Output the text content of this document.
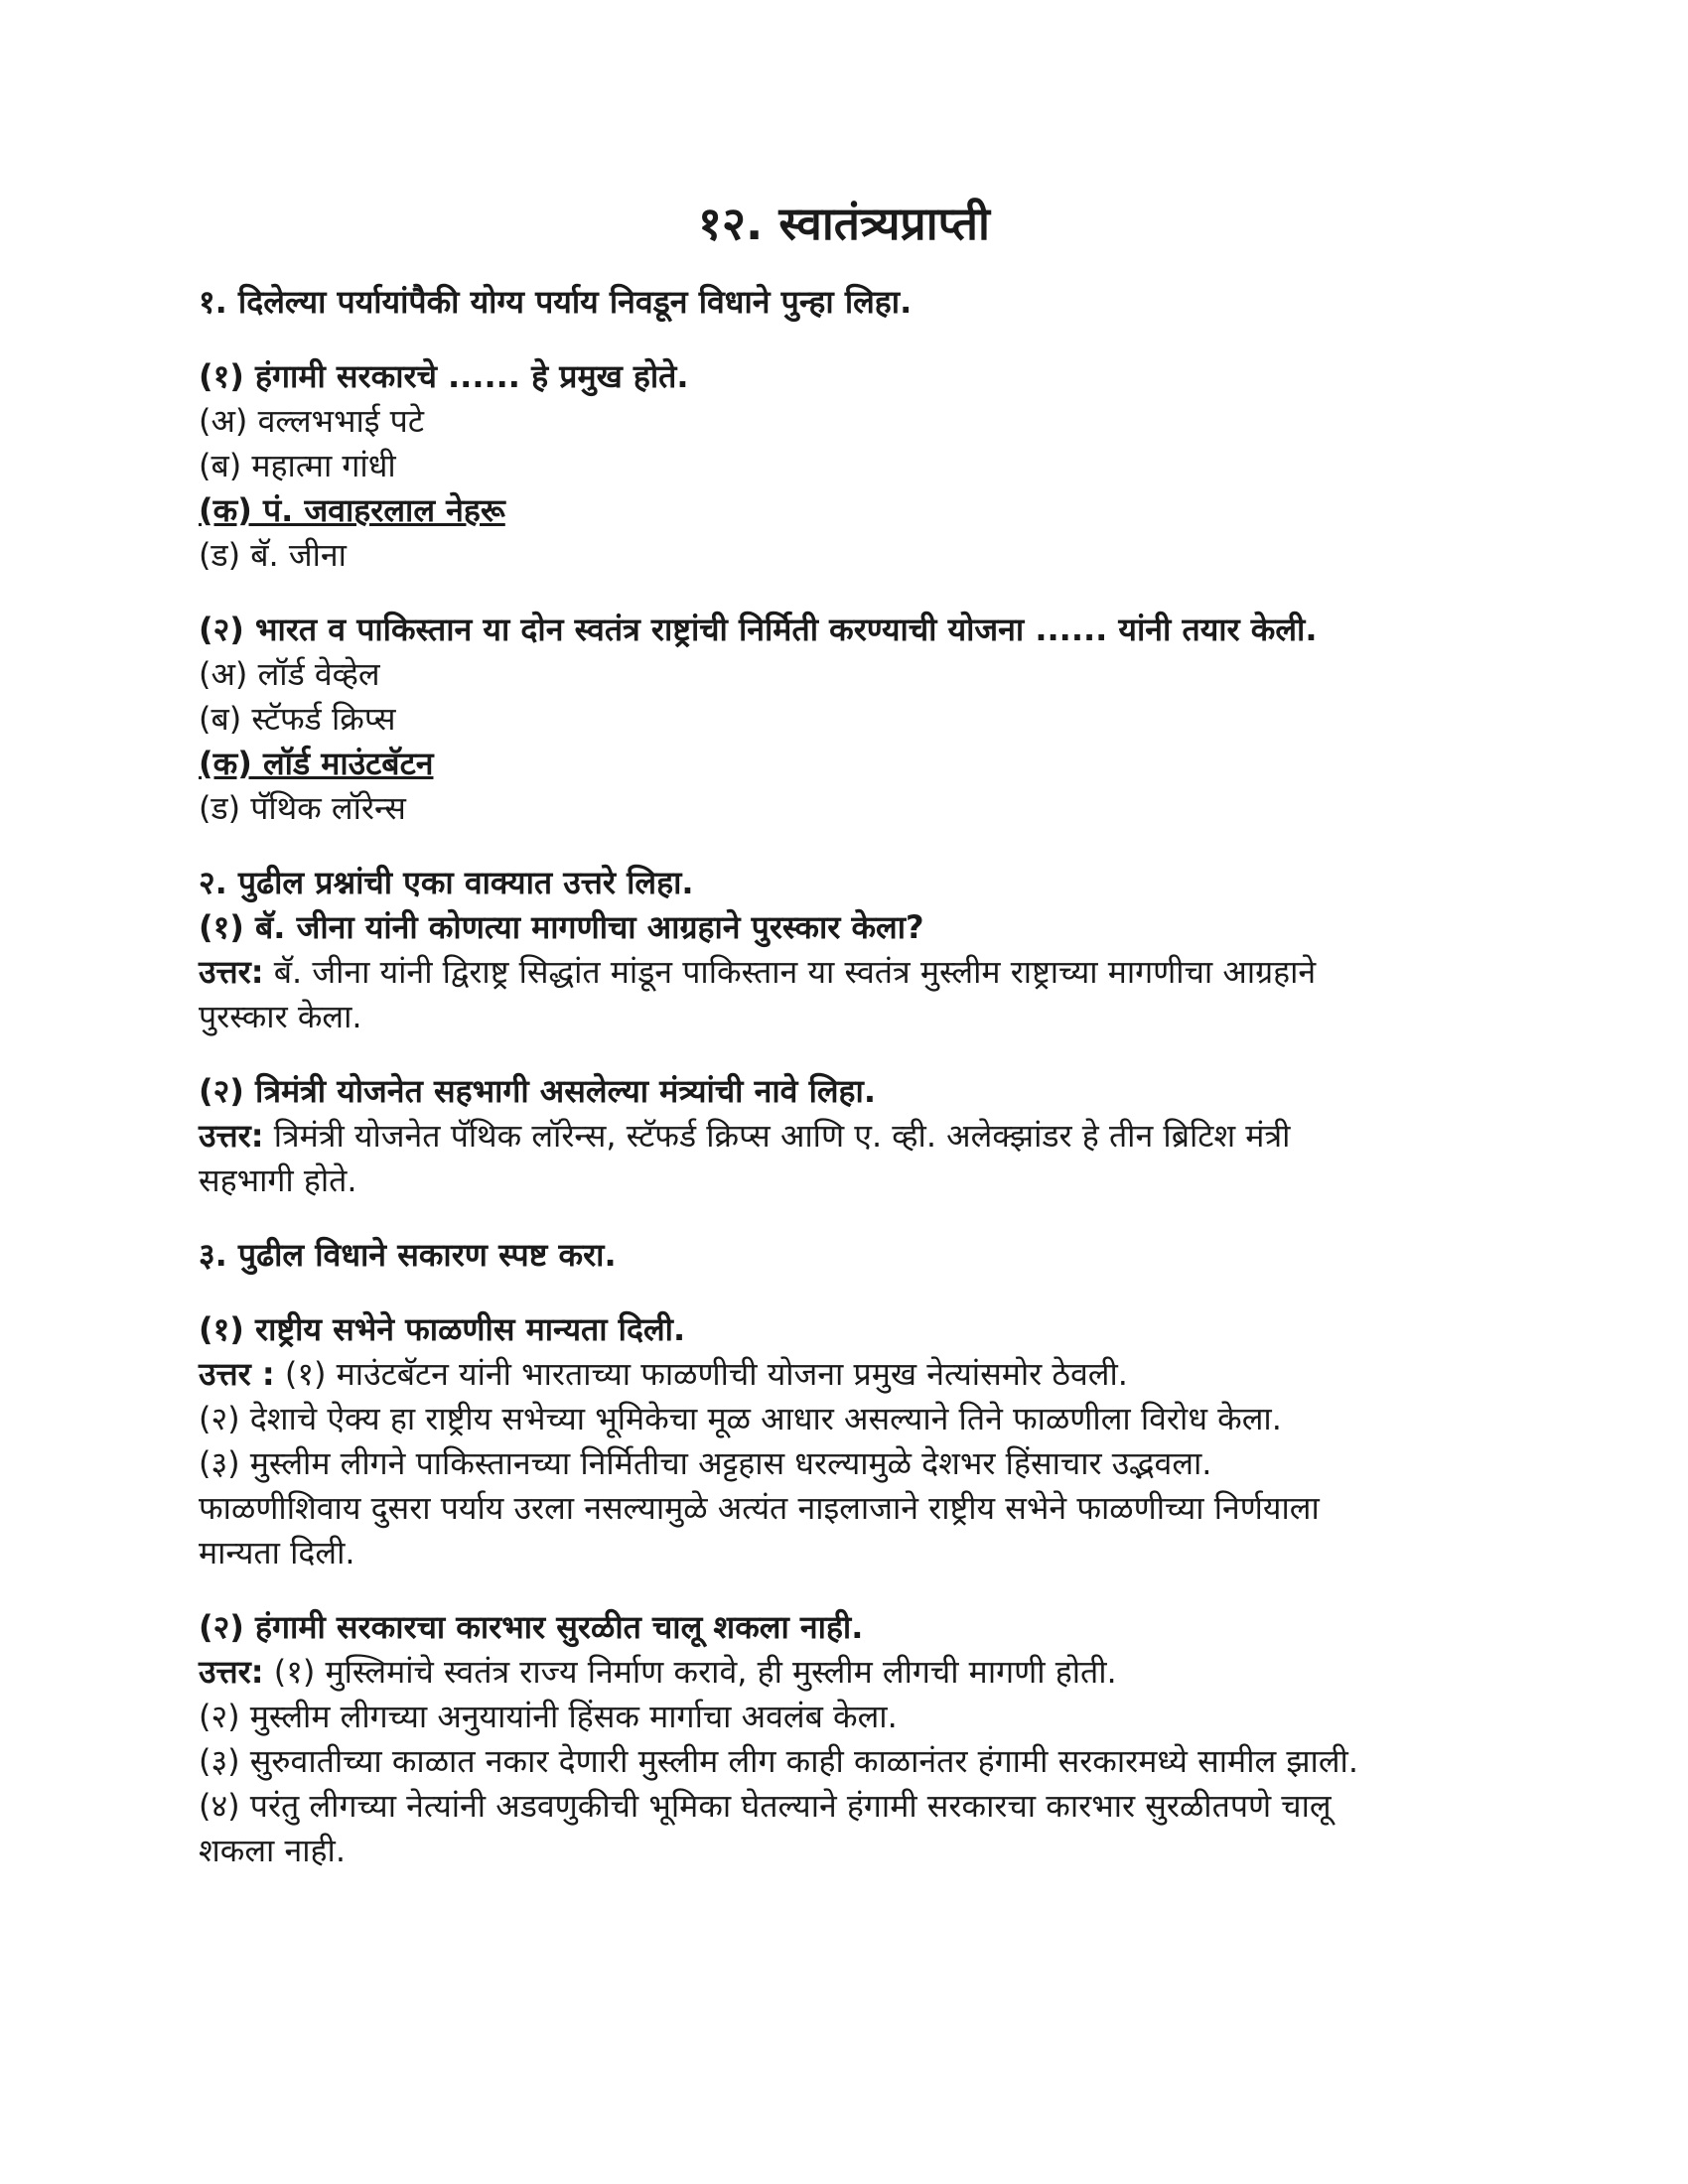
१२. स्वातंत्र्यप्राप्ती

१. दिलेल्या पर्यायांपैकी योग्य पर्याय निवडून विधाने पुन्हा लिहा.

(१) हंगामी सरकारचे ...... हे प्रमुख होते.

(अ) वल्लभभाई पटे

(ब) महात्मा गांधी

(क) पं. जवाहरलाल नेहरू

(ड) बॅ. जीना

(२) भारत व पाकिस्तान या दोन स्वतंत्र राष्ट्रांची निर्मिती करण्याची योजना ...... यांनी तयार केली.

(अ) लॉर्ड वेव्हेल

(ब) स्टॅफर्ड क्रिप्स

(क) लॉर्ड माउंटबॅटन

(ड) पॅथिक लॉरेन्स

२. पुढील प्रश्नांची एका वाक्यात उत्तरे लिहा.

(१) बॅ. जीना यांनी कोणत्या मागणीचा आग्रहाने पुरस्कार केला?

उत्तर: बॅ. जीना यांनी द्विराष्ट्र सिद्धांत मांडून पाकिस्तान या स्वतंत्र मुस्लीम राष्ट्राच्या मागणीचा आग्रहाने

पुरस्कार केला.

(२) त्रिमंत्री योजनेत सहभागी असलेल्या मंत्र्यांची नावे लिहा.

उत्तर: त्रिमंत्री योजनेत पॅथिक लॉरेन्स, स्टॅफर्ड क्रिप्स आणि ए. व्ही. अलेक्झांडर हे तीन ब्रिटिश मंत्री

सहभागी होते.

३. पुढील विधाने सकारण स्पष्ट करा.

(१) राष्ट्रीय सभेने फाळणीस मान्यता दिली.

उत्तर : (१) माउंटबॅटन यांनी भारताच्या फाळणीची योजना प्रमुख नेत्यांसमोर ठेवली.

(२) देशाचे ऐक्य हा राष्ट्रीय सभेच्या भूमिकेचा मूळ आधार असल्याने तिने फाळणीला विरोध केला.

(३) मुस्लीम लीगने पाकिस्तानच्या निर्मितीचा अट्टहास धरल्यामुळे देशभर हिंसाचार उद्भवला.

फाळणीशिवाय दुसरा पर्याय उरला नसल्यामुळे अत्यंत नाइलाजाने राष्ट्रीय सभेने फाळणीच्या निर्णयाला

मान्यता दिली.

(२) हंगामी सरकारचा कारभार सुरळीत चालू शकला नाही.

उत्तर: (१) मुस्लिमांचे स्वतंत्र राज्य निर्माण करावे, ही मुस्लीम लीगची मागणी होती.

(२) मुस्लीम लीगच्या अनुयायांनी हिंसक मार्गाचा अवलंब केला.

(३) सुरुवातीच्या काळात नकार देणारी मुस्लीम लीग काही काळानंतर हंगामी सरकारमध्ये सामील झाली.

(४) परंतु लीगच्या नेत्यांनी अडवणुकीची भूमिका घेतल्याने हंगामी सरकारचा कारभार सुरळीतपणे चालू

शकला नाही.
